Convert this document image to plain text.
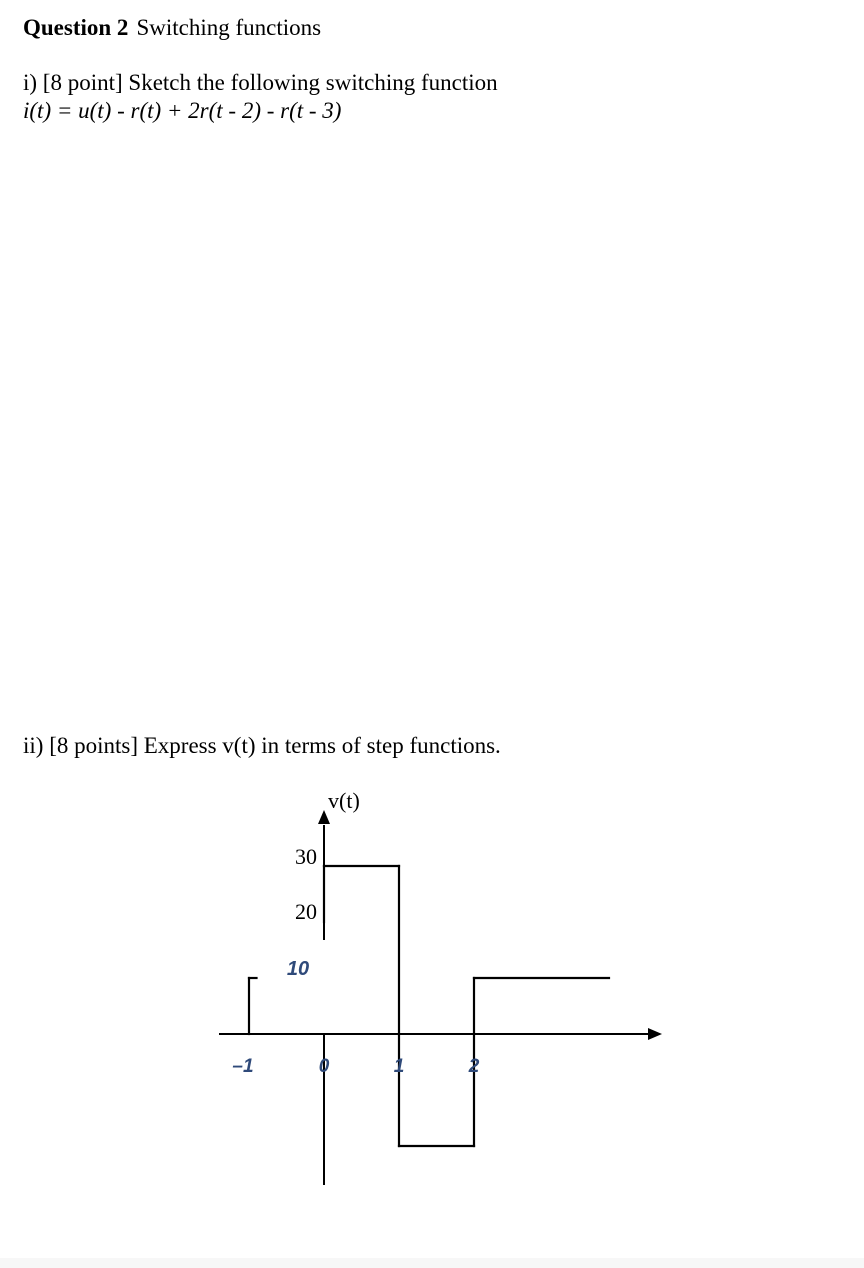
Question 2 Switching functions
i) [8 point] Sketch the following switching function
i(t) = u(t) - r(t) + 2r(t - 2) - r(t - 3)
ii) [8 points] Express v(t) in terms of step functions.
v(t)
30
20
10
–1	0	1	2
